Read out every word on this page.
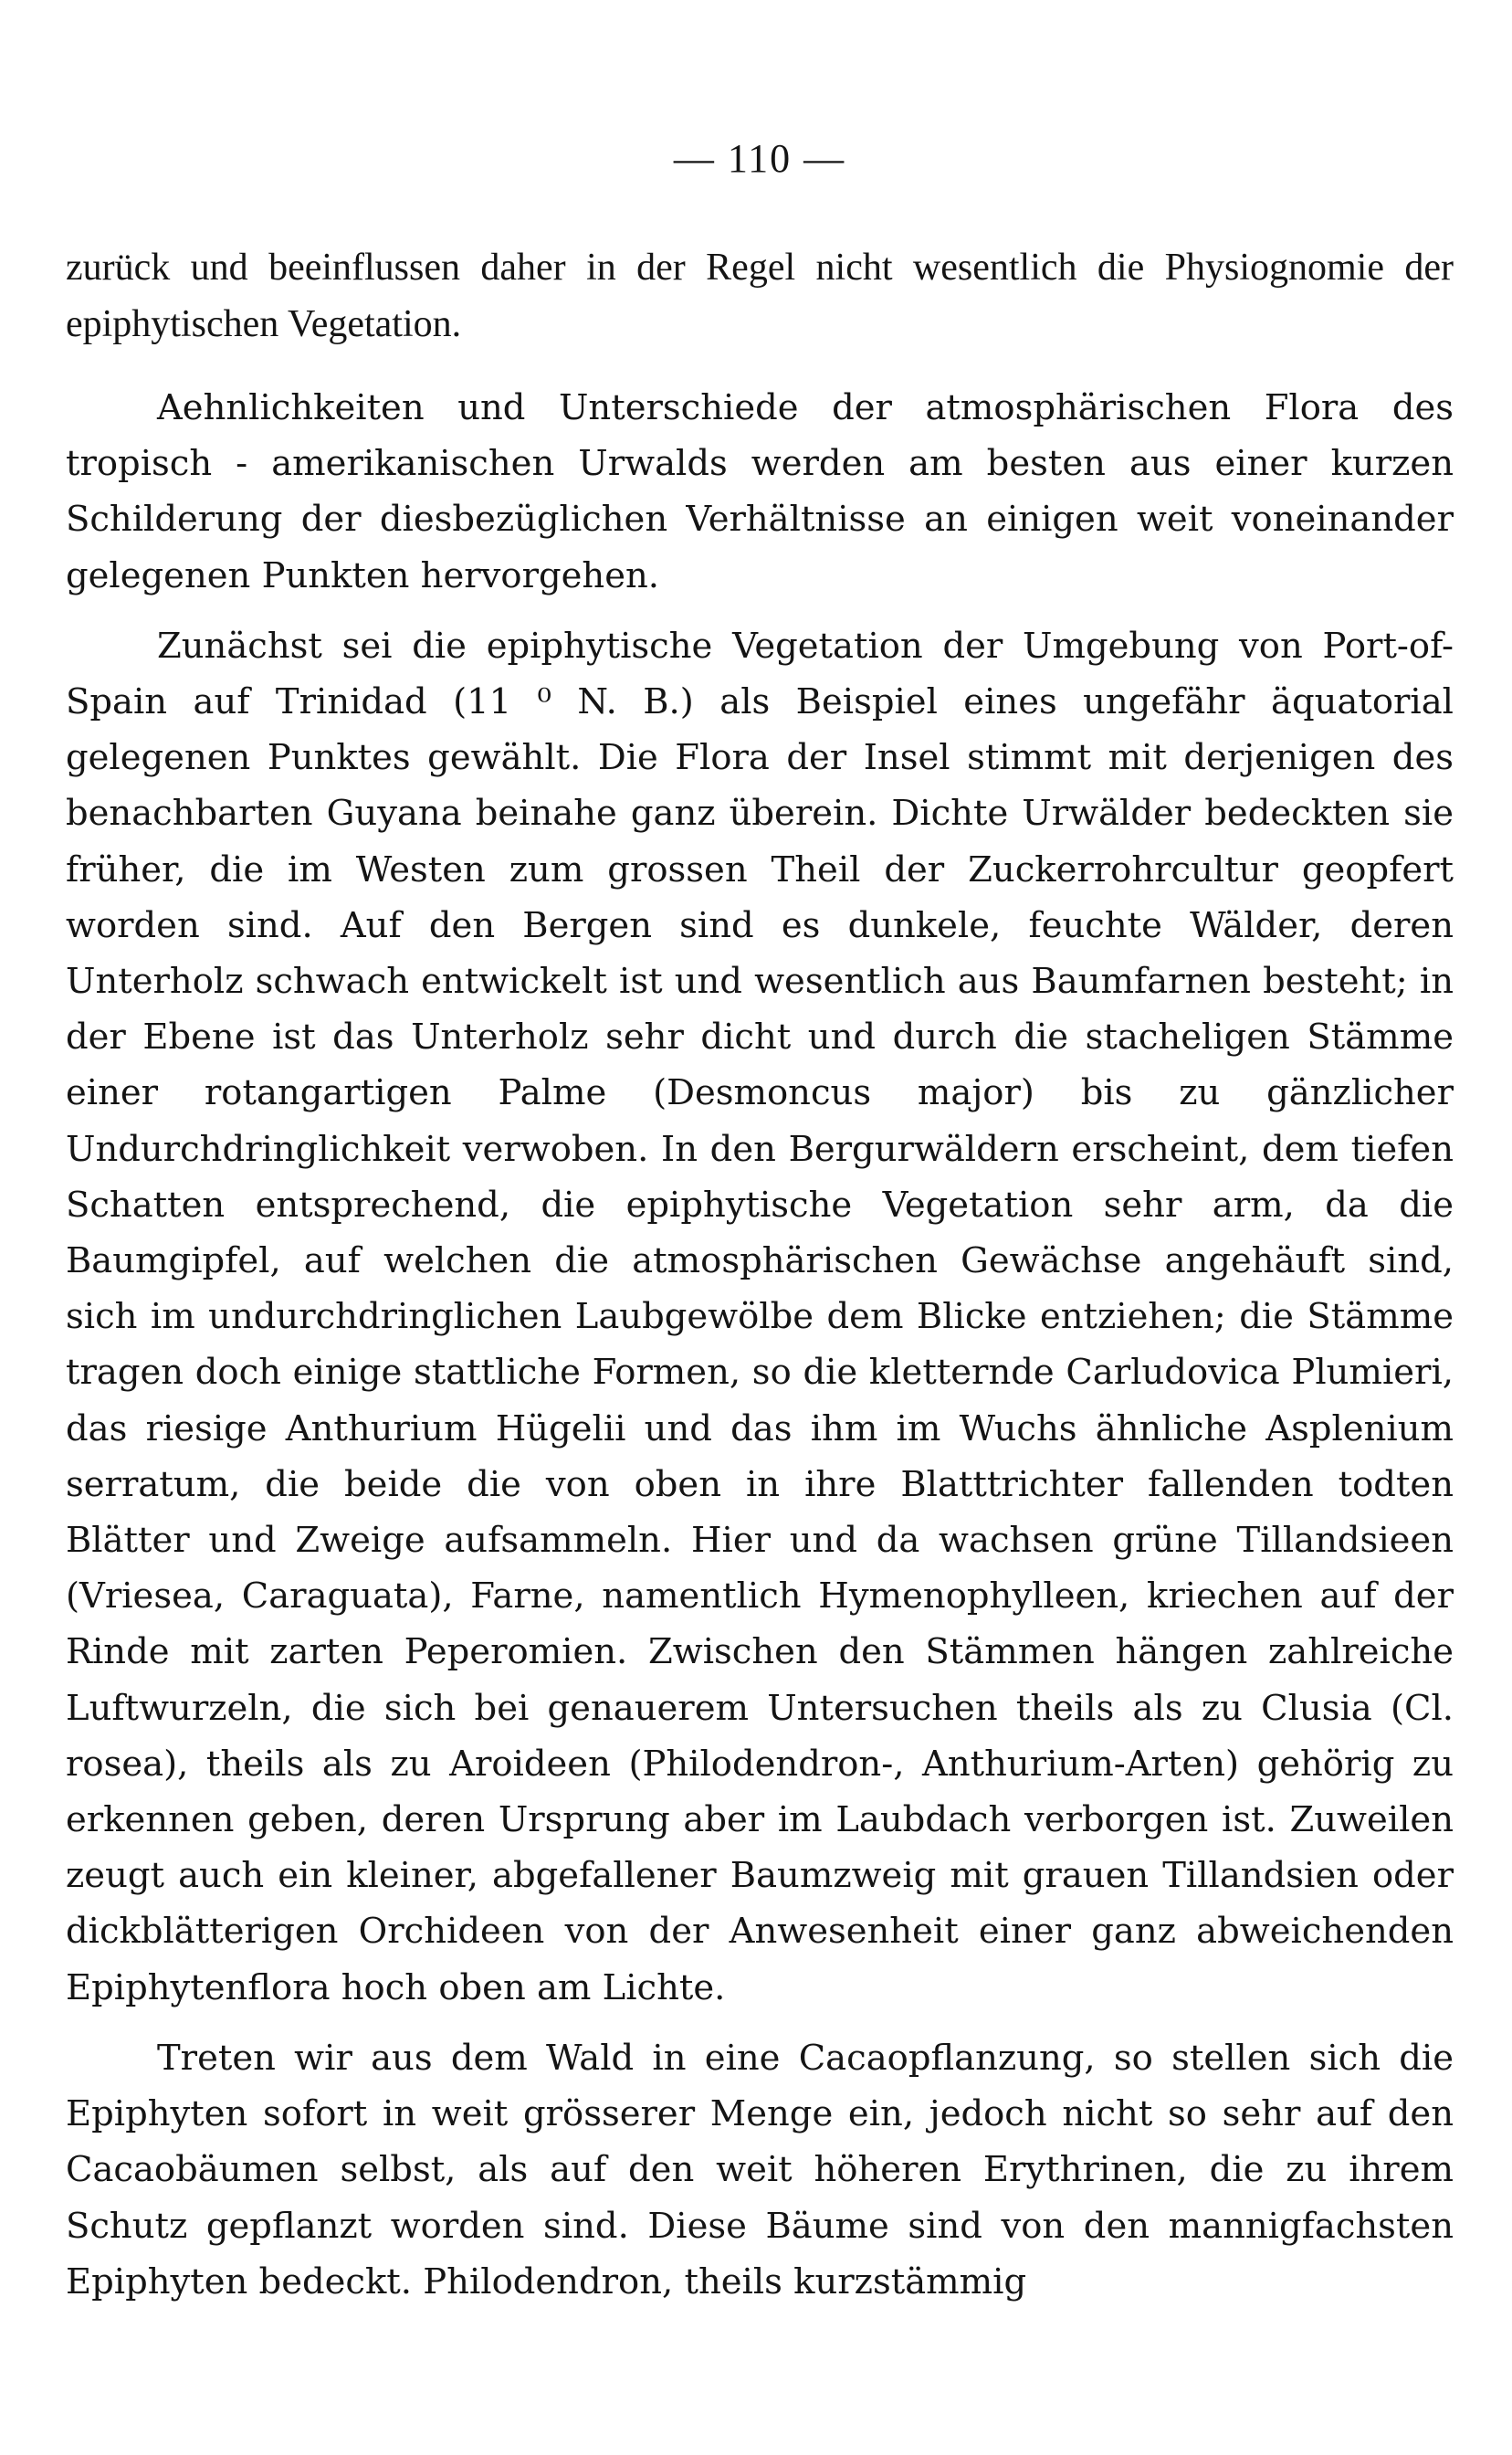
— 110 —

zurück und beeinflussen daher in der Regel nicht wesentlich die Physiognomie der epiphytischen Vegetation.

Aehnlichkeiten und Unterschiede der atmosphärischen Flora des tropisch - amerikanischen Urwalds werden am besten aus einer kurzen Schilderung der diesbezüglichen Verhältnisse an einigen weit voneinander gelegenen Punkten hervorgehen.

Zunächst sei die epiphytische Vegetation der Umgebung von Port-of-Spain auf Trinidad (11 ⁰ N. B.) als Beispiel eines ungefähr äquatorial gelegenen Punktes gewählt. Die Flora der Insel stimmt mit derjenigen des benachbarten Guyana beinahe ganz überein. Dichte Urwälder bedeckten sie früher, die im Westen zum grossen Theil der Zuckerrohrcultur geopfert worden sind. Auf den Bergen sind es dunkele, feuchte Wälder, deren Unterholz schwach entwickelt ist und wesentlich aus Baumfarnen besteht; in der Ebene ist das Unterholz sehr dicht und durch die stacheligen Stämme einer rotangartigen Palme (Desmoncus major) bis zu gänzlicher Undurchdringlichkeit verwoben. In den Bergurwäldern erscheint, dem tiefen Schatten entsprechend, die epiphytische Vegetation sehr arm, da die Baumgipfel, auf welchen die atmosphärischen Gewächse angehäuft sind, sich im undurchdringlichen Laubgewölbe dem Blicke entziehen; die Stämme tragen doch einige stattliche Formen, so die kletternde Carludovica Plumieri, das riesige Anthurium Hügelii und das ihm im Wuchs ähnliche Asplenium serratum, die beide die von oben in ihre Blatttrichter fallenden todten Blätter und Zweige aufsammeln. Hier und da wachsen grüne Tillandsieen (Vriesea, Caraguata), Farne, namentlich Hymenophylleen, kriechen auf der Rinde mit zarten Peperomien. Zwischen den Stämmen hängen zahlreiche Luftwurzeln, die sich bei genauerem Untersuchen theils als zu Clusia (Cl. rosea), theils als zu Aroideen (Philodendron-, Anthurium-Arten) gehörig zu erkennen geben, deren Ursprung aber im Laubdach verborgen ist. Zuweilen zeugt auch ein kleiner, abgefallener Baumzweig mit grauen Tillandsien oder dickblätterigen Orchideen von der Anwesenheit einer ganz abweichenden Epiphytenflora hoch oben am Lichte.

Treten wir aus dem Wald in eine Cacaopflanzung, so stellen sich die Epiphyten sofort in weit grösserer Menge ein, jedoch nicht so sehr auf den Cacaobäumen selbst, als auf den weit höheren Erythrinen, die zu ihrem Schutz gepflanzt worden sind. Diese Bäume sind von den mannigfachsten Epiphyten bedeckt. Philodendron, theils kurzstämmig
